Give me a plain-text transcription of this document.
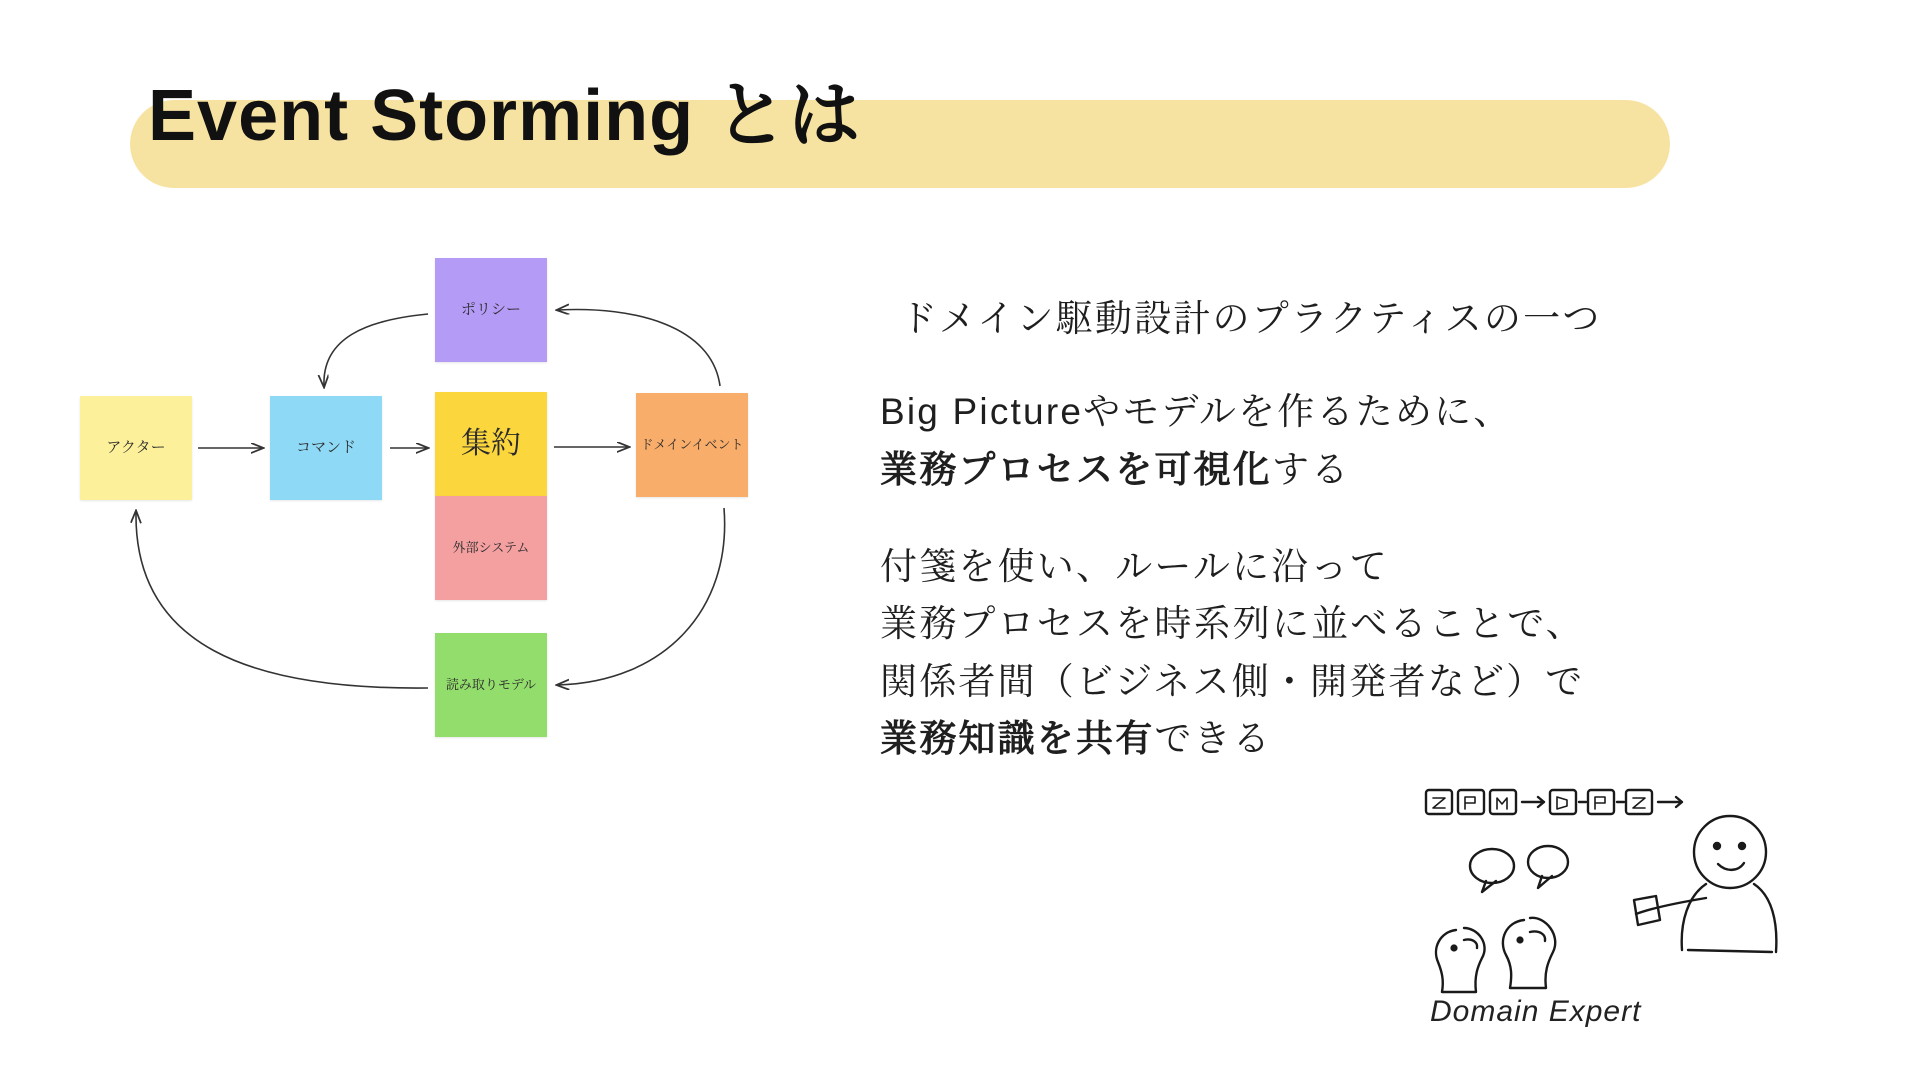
Event Storming とは
アクター	コマンド	集約	ドメインイベント
ポリシー
外部システム
読み取りモデル

ドメイン駆動設計のプラクティスの一つ

Big Pictureやモデルを作るために、

業務プロセスを可視化する

付箋を使い、ルールに沿って

業務プロセスを時系列に並べることで、

関係者間（ビジネス側・開発者など）で

業務知識を共有できる

Domain Expert
